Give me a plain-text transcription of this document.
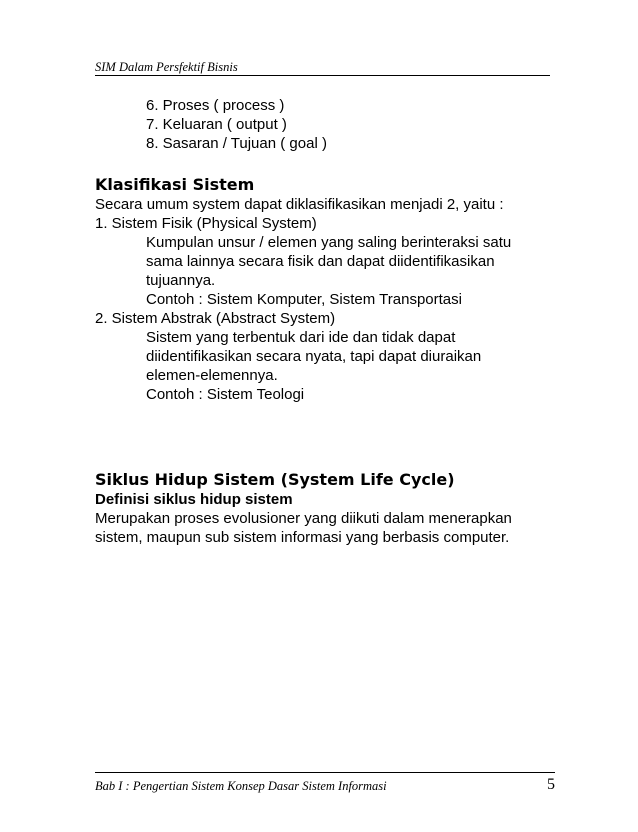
SIM Dalam Persfektif Bisnis
6. Proses ( process )
7. Keluaran ( output )
8. Sasaran / Tujuan ( goal )
Klasifikasi Sistem
Secara umum system dapat diklasifikasikan menjadi 2, yaitu :
1. Sistem Fisik (Physical System)
Kumpulan unsur / elemen yang saling berinteraksi satu
sama lainnya secara fisik dan dapat diidentifikasikan
tujuannya.
Contoh : Sistem Komputer, Sistem Transportasi
2. Sistem Abstrak (Abstract System)
Sistem yang terbentuk dari ide dan tidak dapat
diidentifikasikan secara nyata, tapi dapat diuraikan
elemen-elemennya.
Contoh : Sistem Teologi
Siklus Hidup Sistem (System Life Cycle)
Definisi siklus hidup sistem
Merupakan proses evolusioner yang diikuti dalam menerapkan
sistem, maupun sub sistem informasi yang berbasis computer.
Bab I : Pengertian Sistem Konsep Dasar Sistem Informasi	5
